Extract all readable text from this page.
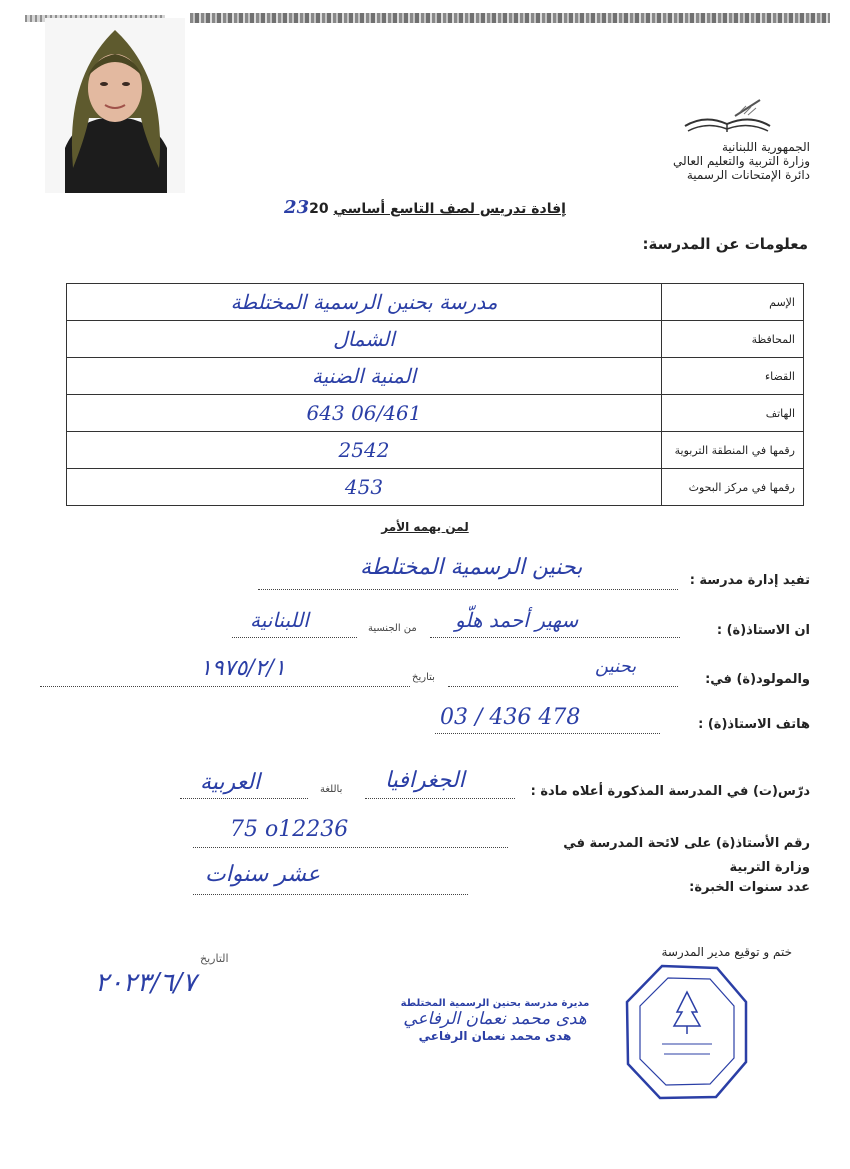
الجمهورية اللبنانية
وزارة التربية والتعليم العالي
دائرة الإمتحانات الرسمية
إفادة تدريس لصف التاسع أساسي 2320
معلومات عن المدرسة:
الإسم	مدرسة بحنين الرسمية المختلطة
المحافظة	الشمال
القضاء	المنية الضنية
الهاتف	06/461 643
رقمها في المنطقة التربوية	2542
رقمها في مركز البحوث	453
لمن يهمه الأمر
تفيد إدارة مدرسة :
بحنين الرسمية المختلطة
ان الاستاذ(ة) :
من الجنسية
اللبنانية	سهير أحمد هلّو
والمولود(ة) في:
بتاريخ
١٩٧٥/٢/١	بحنين
هاتف الاستاذ(ة) :
03 / 436 478
درّس(ت) في المدرسة المذكورة أعلاه مادة :
باللغة
العربية	الجغرافيا
رقم الأستاذ(ة) على لائحة المدرسة في وزارة التربية
75 o12236
عدد سنوات الخبرة:
عشر سنوات
ختم و توقيع مدير المدرسة
التاريخ
٢٠٢٣/٦/٧
مديرة مدرسة بحنين الرسمية المختلطة
هدى محمد نعمان الرفاعي
هدى محمد نعمان الرفاعي
